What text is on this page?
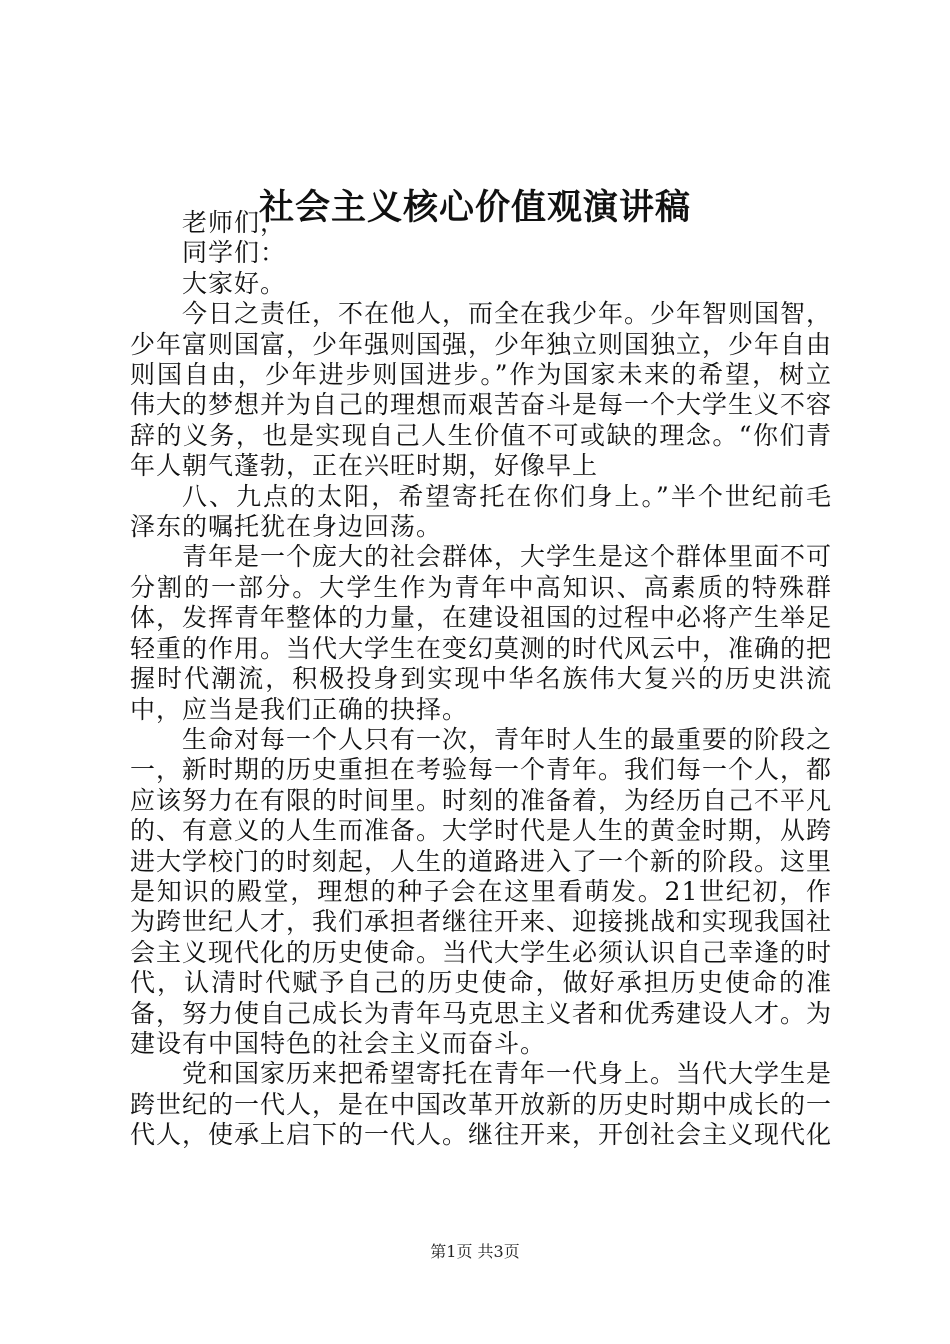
社会主义核心价值观演讲稿

老师们，

同学们：

大家好。

今日之责任，不在他人，而全在我少年。少年智则国智，少年富则国富，少年强则国强，少年独立则国独立，少年自由则国自由，少年进步则国进步。”作为国家未来的希望，树立伟大的梦想并为自己的理想而艰苦奋斗是每一个大学生义不容辞的义务，也是实现自己人生价值不可或缺的理念。“你们青年人朝气蓬勃，正在兴旺时期，好像早上

八、九点的太阳，希望寄托在你们身上。”半个世纪前毛泽东的嘱托犹在身边回荡。

青年是一个庞大的社会群体，大学生是这个群体里面不可分割的一部分。大学生作为青年中高知识、高素质的特殊群体，发挥青年整体的力量，在建设祖国的过程中必将产生举足轻重的作用。当代大学生在变幻莫测的时代风云中，准确的把握时代潮流，积极投身到实现中华名族伟大复兴的历史洪流中，应当是我们正确的抉择。

生命对每一个人只有一次，青年时人生的最重要的阶段之一，新时期的历史重担在考验每一个青年。我们每一个人，都应该努力在有限的时间里。时刻的准备着，为经历自己不平凡的、有意义的人生而准备。大学时代是人生的黄金时期，从跨进大学校门的时刻起，人生的道路进入了一个新的阶段。这里是知识的殿堂，理想的种子会在这里看萌发。21世纪初，作为跨世纪人才，我们承担者继往开来、迎接挑战和实现我国社会主义现代化的历史使命。当代大学生必须认识自己幸逢的时代，认清时代赋予自己的历史使命，做好承担历史使命的准备，努力使自己成长为青年马克思主义者和优秀建设人才。为建设有中国特色的社会主义而奋斗。

党和国家历来把希望寄托在青年一代身上。当代大学生是跨世纪的一代人，是在中国改革开放新的历史时期中成长的一代人，使承上启下的一代人。继往开来，开创社会主义现代化

第1页 共3页
